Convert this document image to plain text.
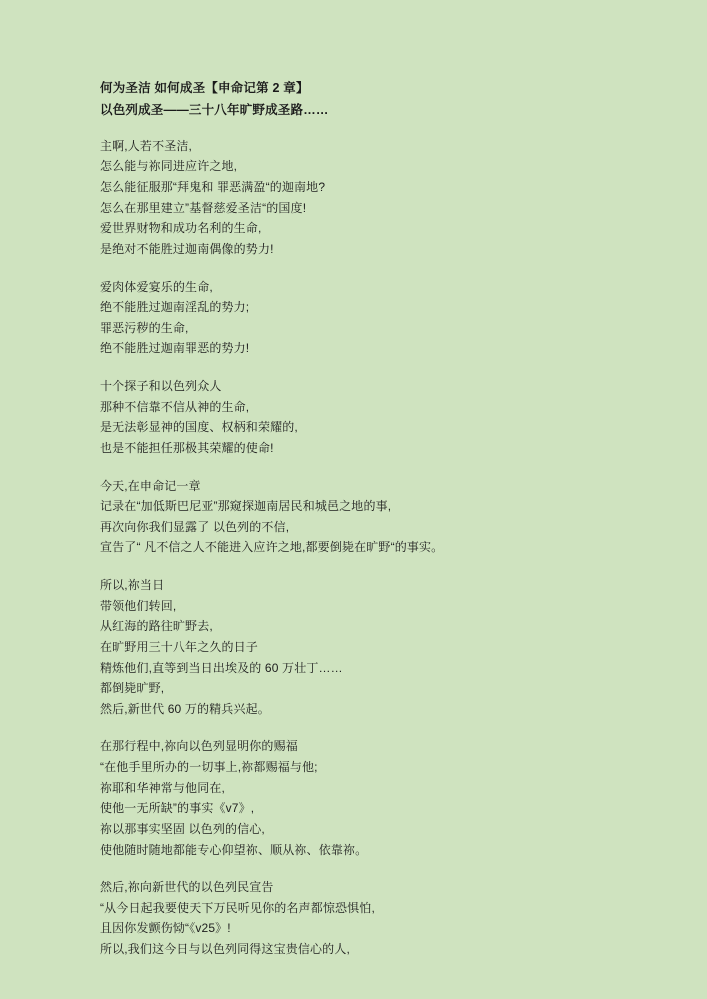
何为圣洁 如何成圣【申命记第 2 章】
以色列成圣——三十八年旷野成圣路……
主啊,人若不圣洁,
怎么能与祢同进应许之地,
怎么能征服那“拜鬼和 罪恶满盈“的迦南地?
怎么在那里建立”基督慈爱圣洁“的国度!
爱世界财物和成功名利的生命,
是绝对不能胜过迦南偶像的势力!
爱肉体爱宴乐的生命,
绝不能胜过迦南淫乱的势力;
罪恶污秽的生命,
绝不能胜过迦南罪恶的势力!
十个探子和以色列众人
那种不信靠不信从神的生命,
是无法彰显神的国度、权柄和荣耀的,
也是不能担任那极其荣耀的使命!
今天,在申命记一章
记录在“加低斯巴尼亚”那窥探迦南居民和城邑之地的事,
再次向你我们显露了 以色列的不信,
宣告了“ 凡不信之人不能进入应许之地,都要倒毙在旷野“的事实。
所以,祢当日
带领他们转回,
从红海的路往旷野去,
在旷野用三十八年之久的日子
精炼他们,直等到当日出埃及的 60 万壮丁……
都倒毙旷野,
然后,新世代 60 万的精兵兴起。
在那行程中,祢向以色列显明你的赐福
“在他手里所办的一切事上,祢都赐福与他;
祢耶和华神常与他同在,
使他一无所缺”的事实《v7》,
祢以那事实坚固 以色列的信心,
使他随时随地都能专心仰望祢、顺从祢、依靠祢。
然后,祢向新世代的以色列民宣告
“从今日起我要使天下万民听见你的名声都惊恐惧怕,
且因你发颤伤恸“《v25》!
所以,我们这今日与以色列同得这宝贵信心的人,
